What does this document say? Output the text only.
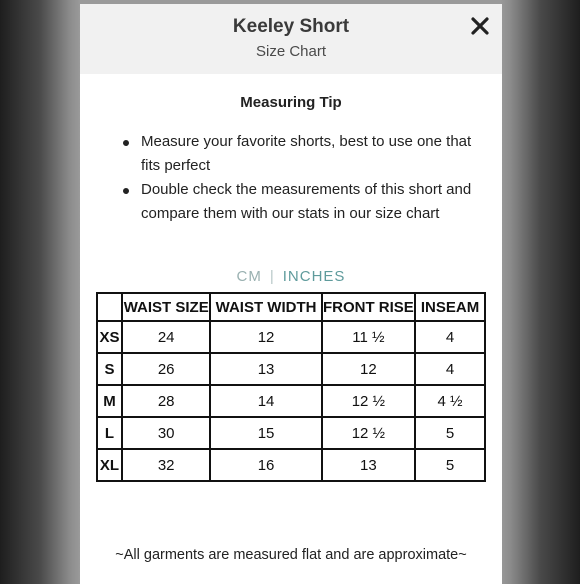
Keeley Short
Size Chart
Measuring Tip
Measure your favorite shorts, best to use one that fits perfect
Double check the measurements of this short and compare them with our stats in our size chart
CM | INCHES
	WAIST SIZE	WAIST WIDTH	FRONT RISE	INSEAM
XS	24	12	11 ½	4
S	26	13	12	4
M	28	14	12 ½	4 ½
L	30	15	12 ½	5
XL	32	16	13	5
~All garments are measured flat and are approximate~
